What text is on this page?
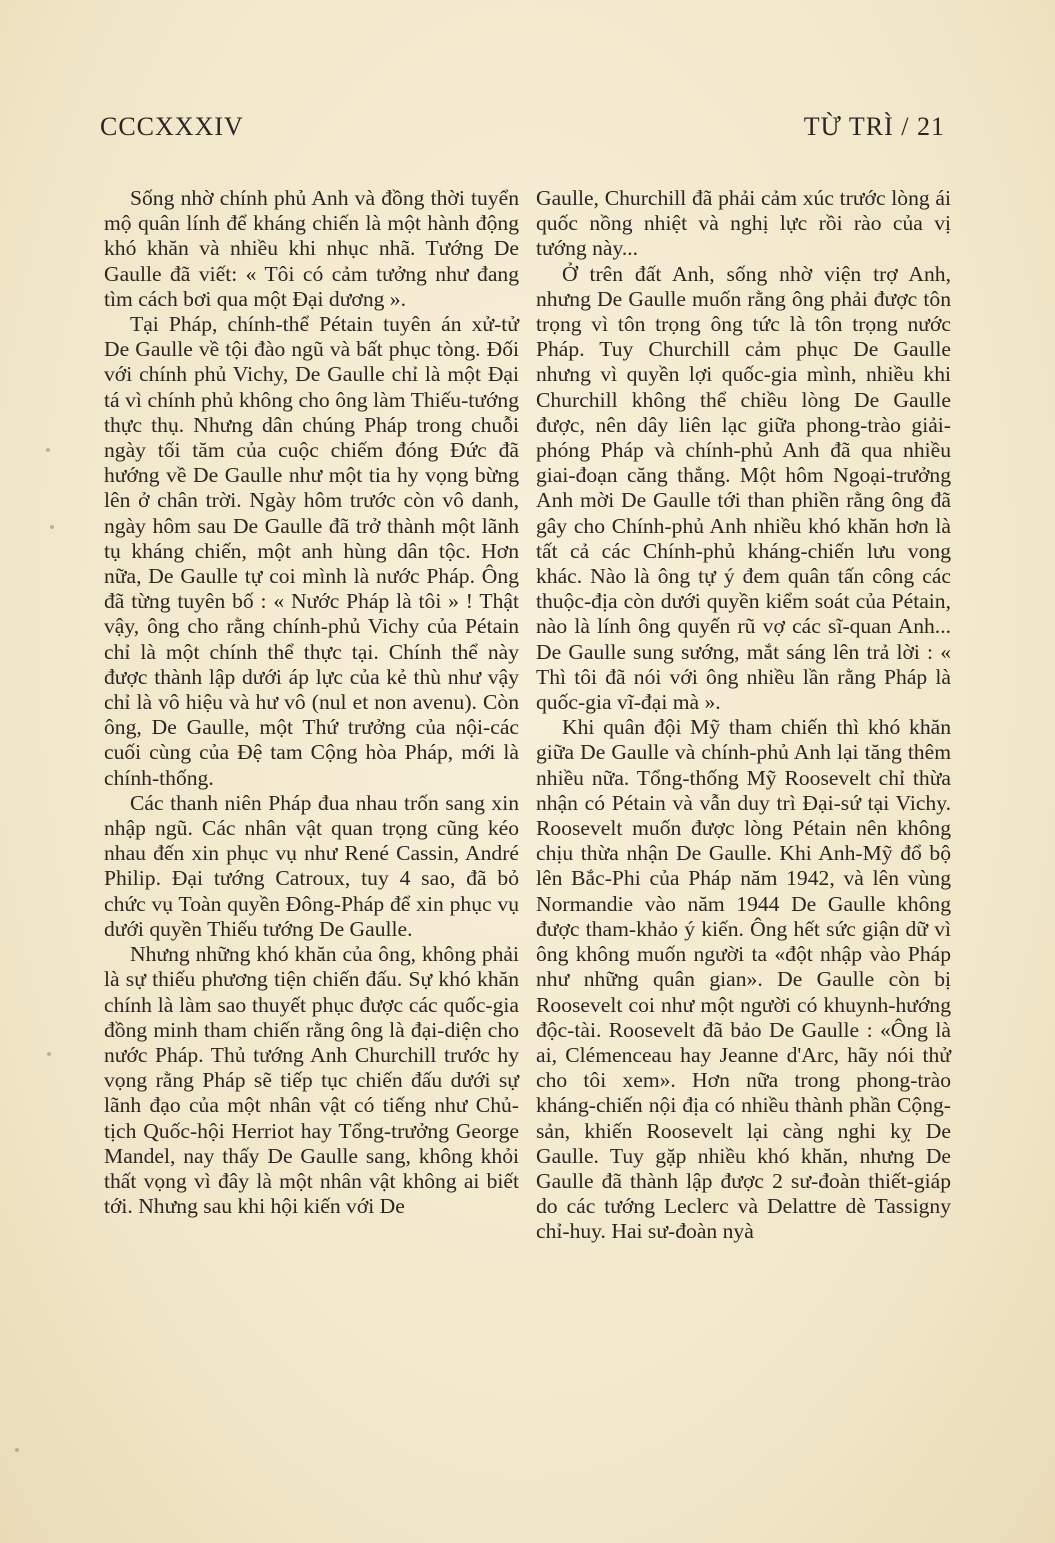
CCCXXXIV	TỪ TRÌ / 21

Sống nhờ chính phủ Anh và đồng thời tuyển mộ quân lính để kháng chiến là một hành động khó khăn và nhiều khi nhục nhã. Tướng De Gaulle đã viết: « Tôi có cảm tưởng như đang tìm cách bơi qua một Đại dương ».

Tại Pháp, chính-thể Pétain tuyên án xử-tử De Gaulle về tội đào ngũ và bất phục tòng. Đối với chính phủ Vichy, De Gaulle chỉ là một Đại tá vì chính phủ không cho ông làm Thiếu-tướng thực thụ. Nhưng dân chúng Pháp trong chuỗi ngày tối tăm của cuộc chiếm đóng Đức đã hướng về De Gaulle như một tia hy vọng bừng lên ở chân trời. Ngày hôm trước còn vô danh, ngày hôm sau De Gaulle đã trở thành một lãnh tụ kháng chiến, một anh hùng dân tộc. Hơn nữa, De Gaulle tự coi mình là nước Pháp. Ông đã từng tuyên bố : « Nước Pháp là tôi » ! Thật vậy, ông cho rằng chính-phủ Vichy của Pétain chỉ là một chính thể thực tại. Chính thể này được thành lập dưới áp lực của kẻ thù như vậy chỉ là vô hiệu và hư vô (nul et non avenu). Còn ông, De Gaulle, một Thứ trưởng của nội-các cuối cùng của Đệ tam Cộng hòa Pháp, mới là chính-thống.

Các thanh niên Pháp đua nhau trốn sang xin nhập ngũ. Các nhân vật quan trọng cũng kéo nhau đến xin phục vụ như René Cassin, André Philip. Đại tướng Catroux, tuy 4 sao, đã bỏ chức vụ Toàn quyền Đông-Pháp để xin phục vụ dưới quyền Thiếu tướng De Gaulle.

Nhưng những khó khăn của ông, không phải là sự thiếu phương tiện chiến đấu. Sự khó khăn chính là làm sao thuyết phục được các quốc-gia đồng minh tham chiến rằng ông là đại-diện cho nước Pháp. Thủ tướng Anh Churchill trước hy vọng rằng Pháp sẽ tiếp tục chiến đấu dưới sự lãnh đạo của một nhân vật có tiếng như Chủ-tịch Quốc-hội Herriot hay Tổng-trưởng George Mandel, nay thấy De Gaulle sang, không khỏi thất vọng vì đây là một nhân vật không ai biết tới. Nhưng sau khi hội kiến với De

Gaulle, Churchill đã phải cảm xúc trước lòng ái quốc nồng nhiệt và nghị lực rồi rào của vị tướng này...

Ở trên đất Anh, sống nhờ viện trợ Anh, nhưng De Gaulle muốn rằng ông phải được tôn trọng vì tôn trọng ông tức là tôn trọng nước Pháp. Tuy Churchill cảm phục De Gaulle nhưng vì quyền lợi quốc-gia mình, nhiều khi Churchill không thể chiều lòng De Gaulle được, nên dây liên lạc giữa phong-trào giải-phóng Pháp và chính-phủ Anh đã qua nhiều giai-đoạn căng thẳng. Một hôm Ngoại-trưởng Anh mời De Gaulle tới than phiền rằng ông đã gây cho Chính-phủ Anh nhiều khó khăn hơn là tất cả các Chính-phủ kháng-chiến lưu vong khác. Nào là ông tự ý đem quân tấn công các thuộc-địa còn dưới quyền kiểm soát của Pétain, nào là lính ông quyến rũ vợ các sĩ-quan Anh... De Gaulle sung sướng, mắt sáng lên trả lời : « Thì tôi đã nói với ông nhiều lần rằng Pháp là quốc-gia vĩ-đại mà ».

Khi quân đội Mỹ tham chiến thì khó khăn giữa De Gaulle và chính-phủ Anh lại tăng thêm nhiều nữa. Tổng-thống Mỹ Roosevelt chỉ thừa nhận có Pétain và vẫn duy trì Đại-sứ tại Vichy. Roosevelt muốn được lòng Pétain nên không chịu thừa nhận De Gaulle. Khi Anh-Mỹ đổ bộ lên Bắc-Phi của Pháp năm 1942, và lên vùng Normandie vào năm 1944 De Gaulle không được tham-khảo ý kiến. Ông hết sức giận dữ vì ông không muốn người ta «đột nhập vào Pháp như những quân gian». De Gaulle còn bị Roosevelt coi như một người có khuynh-hướng độc-tài. Roosevelt đã bảo De Gaulle : «Ông là ai, Clémenceau hay Jeanne d'Arc, hãy nói thử cho tôi xem». Hơn nữa trong phong-trào kháng-chiến nội địa có nhiều thành phần Cộng-sản, khiến Roosevelt lại càng nghi kỵ De Gaulle. Tuy gặp nhiều khó khăn, nhưng De Gaulle đã thành lập được 2 sư-đoàn thiết-giáp do các tướng Leclerc và Delattre dè Tassigny chỉ-huy. Hai sư-đoàn nyà
